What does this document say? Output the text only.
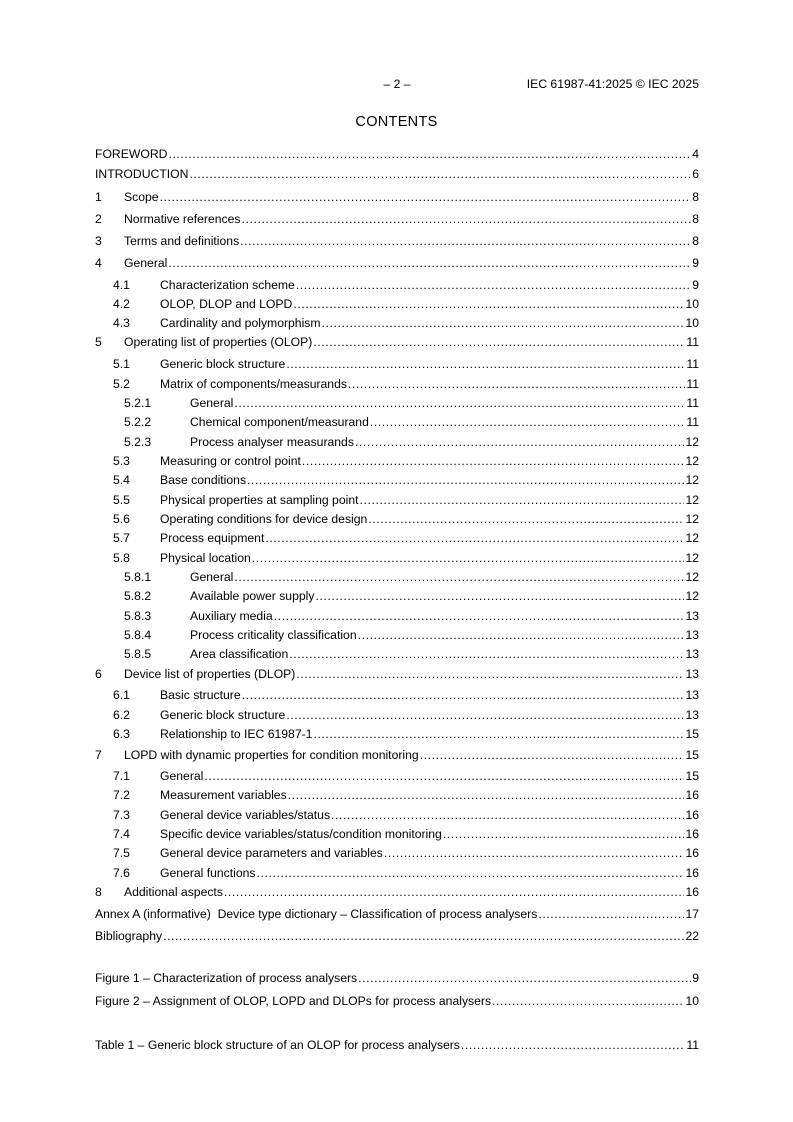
– 2 –	IEC 61987-41:2025 © IEC 2025
CONTENTS
FOREWORD .....	4
INTRODUCTION .....	6
1 Scope .....	8
2 Normative references .....	8
3 Terms and definitions .....	8
4 General .....	9
4.1 Characterization scheme .....	9
4.2 OLOP, DLOP and LOPD .....	10
4.3 Cardinality and polymorphism .....	10
5 Operating list of properties (OLOP) .....	11
5.1 Generic block structure .....	11
5.2 Matrix of components/measurands .....	11
5.2.1	General .....	11
5.2.2	Chemical component/measurand .....	11
5.2.3	Process analyser measurands .....	12
5.3 Measuring or control point .....	12
5.4 Base conditions .....	12
5.5 Physical properties at sampling point .....	12
5.6 Operating conditions for device design .....	12
5.7 Process equipment .....	12
5.8 Physical location .....	12
5.8.1	General .....	12
5.8.2	Available power supply .....	12
5.8.3	Auxiliary media .....	13
5.8.4	Process criticality classification .....	13
5.8.5	Area classification .....	13
6 Device list of properties (DLOP) .....	13
6.1 Basic structure .....	13
6.2 Generic block structure .....	13
6.3 Relationship to IEC 61987-1 .....	15
7 LOPD with dynamic properties for condition monitoring .....	15
7.1 General .....	15
7.2 Measurement variables .....	16
7.3 General device variables/status .....	16
7.4 Specific device variables/status/condition monitoring .....	16
7.5 General device parameters and variables .....	16
7.6 General functions .....	16
8 Additional aspects .....	16
Annex A (informative)  Device type dictionary – Classification of process analysers .....	17
Bibliography .....	22
Figure 1 – Characterization of process analysers .....	9
Figure 2 – Assignment of OLOP, LOPD and DLOPs for process analysers .....	10
Table 1 – Generic block structure of an OLOP for process analysers .....	11
